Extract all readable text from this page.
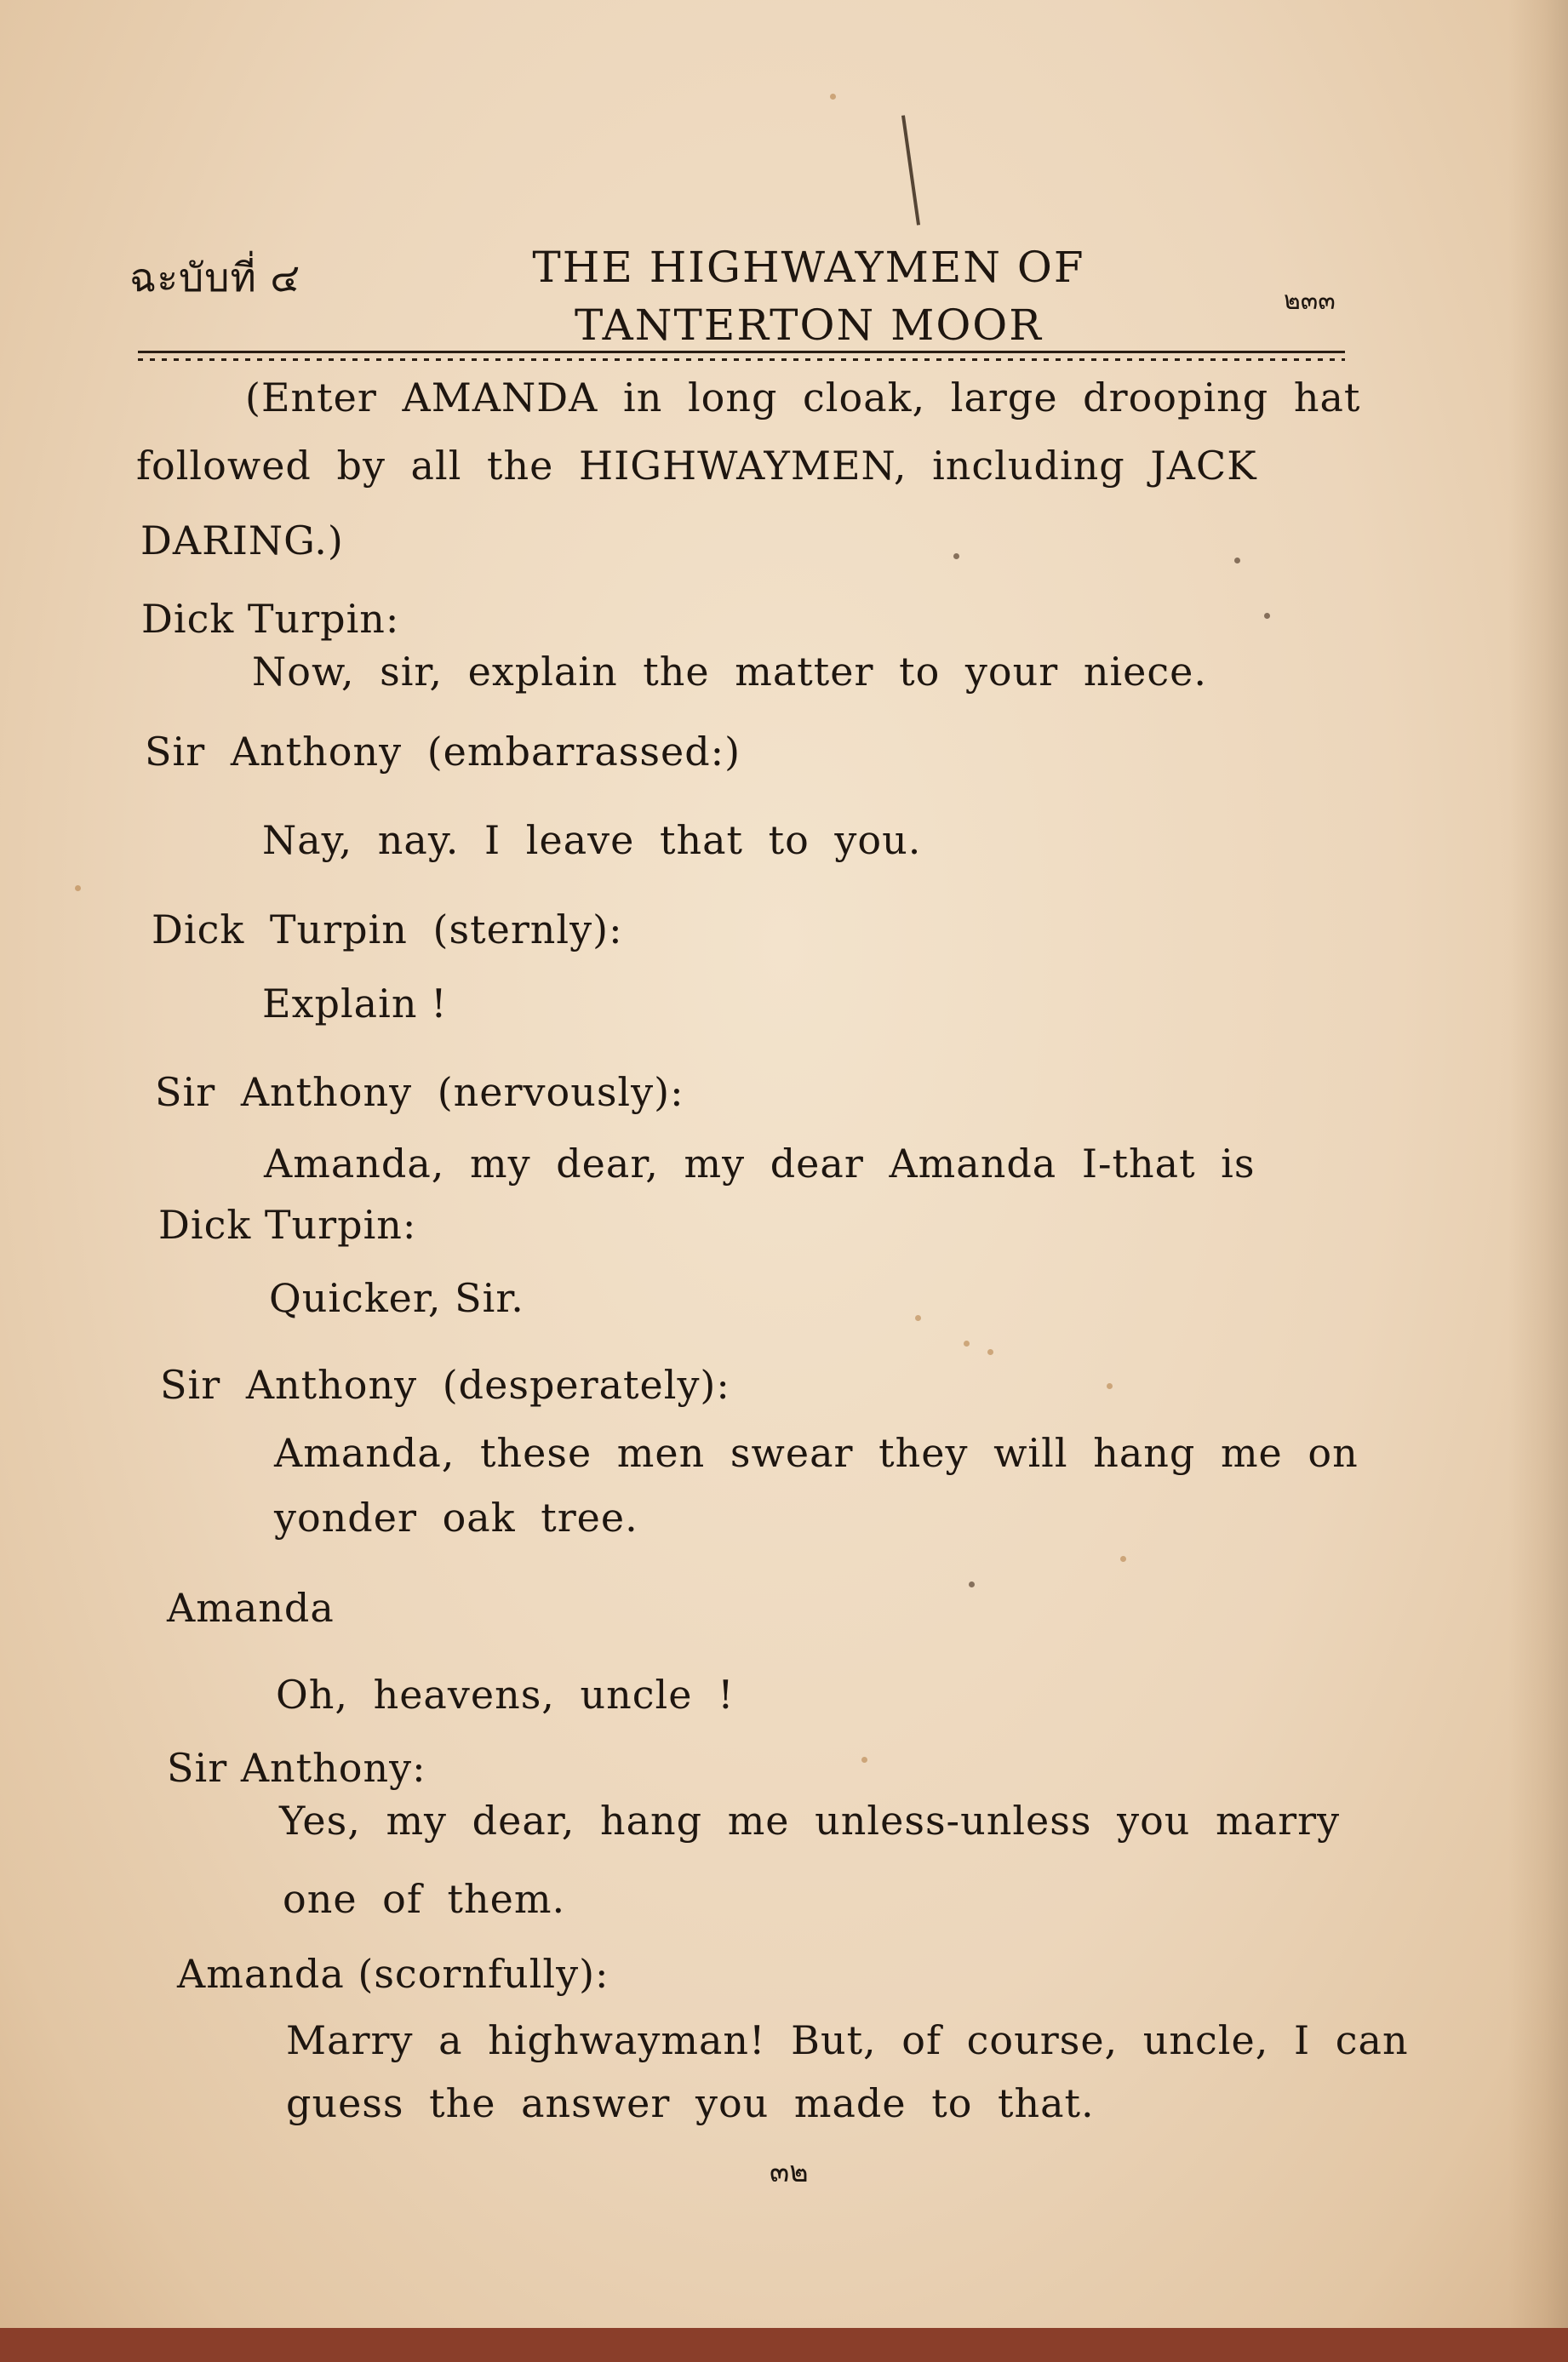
ฉะบับที่ ๔	THE HIGHWAYMEN OF
TANTERTON MOOR	๒๓๓
(Enter AMANDA in long cloak, large drooping hat
followed by all the HIGHWAYMEN, including JACK
DARING.)
Dick Turpin:
Now, sir, explain the matter to your niece.
Sir Anthony (embarrassed:)
Nay, nay. I leave that to you.
Dick Turpin (sternly):
Explain !
Sir Anthony (nervously):
Amanda, my dear, my dear Amanda I-that is
Dick Turpin:
Quicker, Sir.
Sir Anthony (desperately):
Amanda, these men swear they will hang me on
yonder oak tree.
Amanda
Oh, heavens, uncle !
Sir Anthony:
Yes, my dear, hang me unless-unless you marry
one of them.
Amanda (scornfully):
Marry a highwayman! But, of course, uncle, I can
guess the answer you made to that.
๓๒
